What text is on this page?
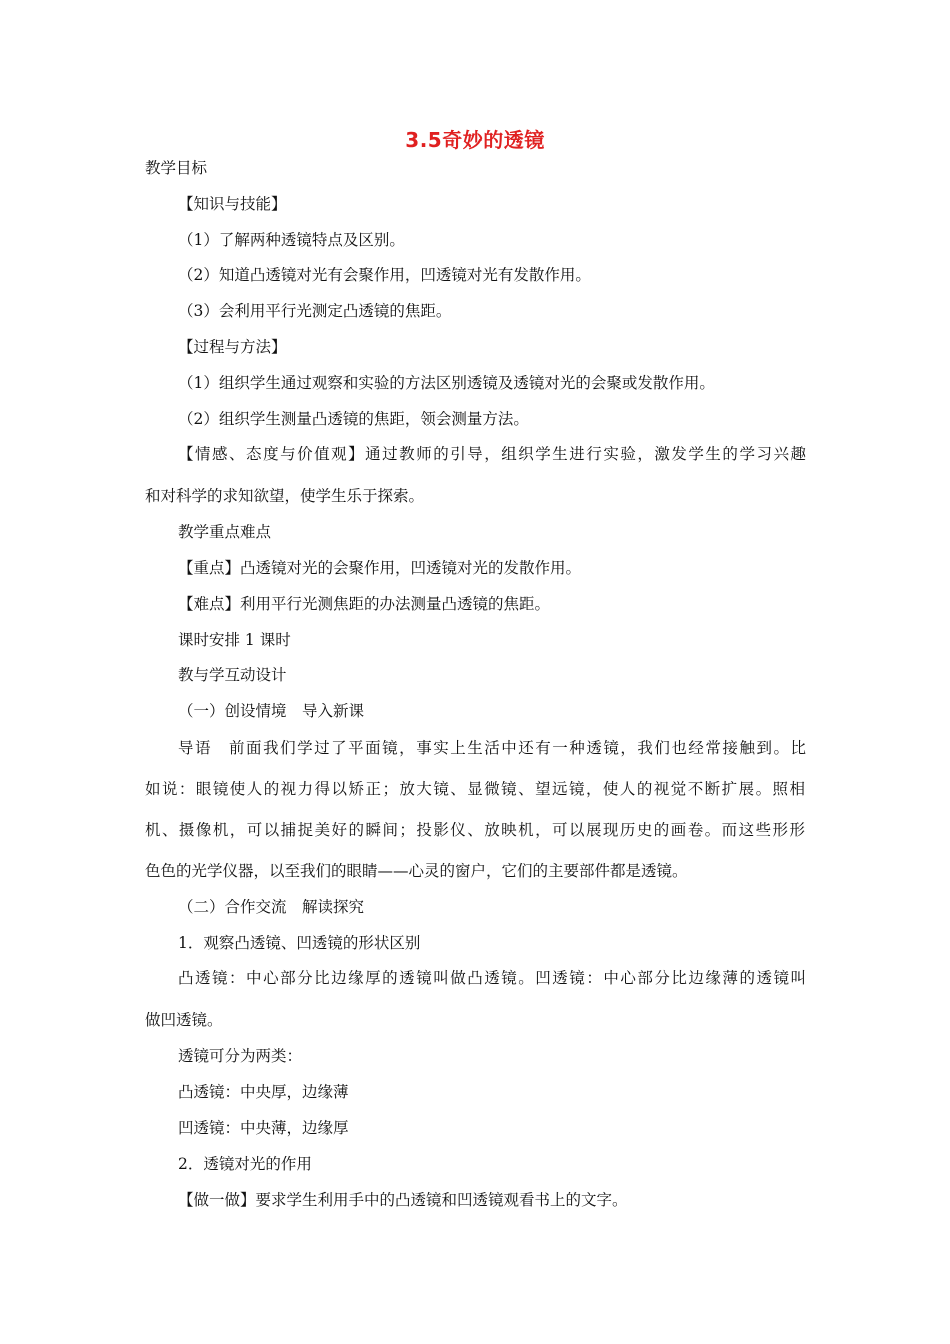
3.5奇妙的透镜
教学目标
【知识与技能】
（1）了解两种透镜特点及区别。
（2）知道凸透镜对光有会聚作用，凹透镜对光有发散作用。
（3）会利用平行光测定凸透镜的焦距。
【过程与方法】
（1）组织学生通过观察和实验的方法区别透镜及透镜对光的会聚或发散作用。
（2）组织学生测量凸透镜的焦距，领会测量方法。
【情感、态度与价值观】通过教师的引导，组织学生进行实验，激发学生的学习兴趣
和对科学的求知欲望，使学生乐于探索。
教学重点难点
【重点】凸透镜对光的会聚作用，凹透镜对光的发散作用。
【难点】利用平行光测焦距的办法测量凸透镜的焦距。
课时安排 1 课时
教与学互动设计
（一）创设情境　导入新课
导语　前面我们学过了平面镜，事实上生活中还有一种透镜，我们也经常接触到。比
如说：眼镜使人的视力得以矫正；放大镜、显微镜、望远镜，使人的视觉不断扩展。照相
机、摄像机，可以捕捉美好的瞬间；投影仪、放映机，可以展现历史的画卷。而这些形形
色色的光学仪器，以至我们的眼睛——心灵的窗户，它们的主要部件都是透镜。
（二）合作交流　解读探究
1．观察凸透镜、凹透镜的形状区别
凸透镜：中心部分比边缘厚的透镜叫做凸透镜。凹透镜：中心部分比边缘薄的透镜叫
做凹透镜。
透镜可分为两类：
凸透镜：中央厚，边缘薄
凹透镜：中央薄，边缘厚
2．透镜对光的作用
【做一做】要求学生利用手中的凸透镜和凹透镜观看书上的文字。
